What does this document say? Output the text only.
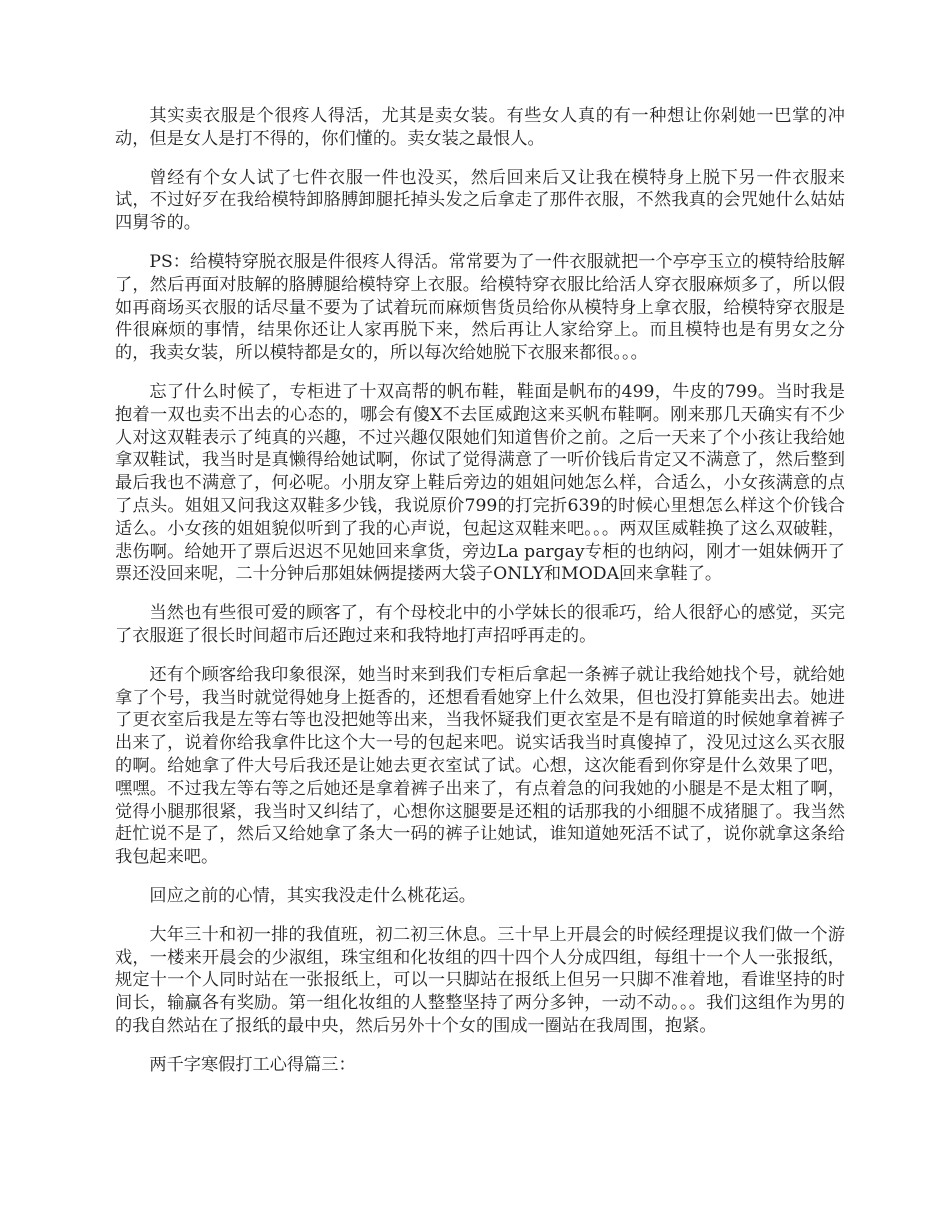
其实卖衣服是个很疼人得活，尤其是卖女装。有些女人真的有一种想让你剁她一巴掌的冲动，但是女人是打不得的，你们懂的。卖女装之最恨人。

曾经有个女人试了七件衣服一件也没买，然后回来后又让我在模特身上脱下另一件衣服来试，不过好歹在我给模特卸胳膊卸腿托掉头发之后拿走了那件衣服，不然我真的会咒她什么姑姑四舅爷的。

PS：给模特穿脱衣服是件很疼人得活。常常要为了一件衣服就把一个亭亭玉立的模特给肢解了，然后再面对肢解的胳膊腿给模特穿上衣服。给模特穿衣服比给活人穿衣服麻烦多了，所以假如再商场买衣服的话尽量不要为了试着玩而麻烦售货员给你从模特身上拿衣服，给模特穿衣服是件很麻烦的事情，结果你还让人家再脱下来，然后再让人家给穿上。而且模特也是有男女之分的，我卖女装，所以模特都是女的，所以每次给她脱下衣服来都很。。。

忘了什么时候了，专柜进了十双高帮的帆布鞋，鞋面是帆布的499，牛皮的799。当时我是抱着一双也卖不出去的心态的，哪会有傻X不去匡威跑这来买帆布鞋啊。刚来那几天确实有不少人对这双鞋表示了纯真的兴趣，不过兴趣仅限她们知道售价之前。之后一天来了个小孩让我给她拿双鞋试，我当时是真懒得给她试啊，你试了觉得满意了一听价钱后肯定又不满意了，然后整到最后我也不满意了，何必呢。小朋友穿上鞋后旁边的姐姐问她怎么样，合适么，小女孩满意的点了点头。姐姐又问我这双鞋多少钱，我说原价799的打完折639的时候心里想怎么样这个价钱合适么。小女孩的姐姐貌似听到了我的心声说，包起这双鞋来吧。。。两双匡威鞋换了这么双破鞋，悲伤啊。给她开了票后迟迟不见她回来拿货，旁边La pargay专柜的也纳闷，刚才一姐妹俩开了票还没回来呢，二十分钟后那姐妹俩提搂两大袋子ONLY和MODA回来拿鞋了。

当然也有些很可爱的顾客了，有个母校北中的小学妹长的很乖巧，给人很舒心的感觉，买完了衣服逛了很长时间超市后还跑过来和我特地打声招呼再走的。

还有个顾客给我印象很深，她当时来到我们专柜后拿起一条裤子就让我给她找个号，就给她拿了个号，我当时就觉得她身上挺香的，还想看看她穿上什么效果，但也没打算能卖出去。她进了更衣室后我是左等右等也没把她等出来，当我怀疑我们更衣室是不是有暗道的时候她拿着裤子出来了，说着你给我拿件比这个大一号的包起来吧。说实话我当时真傻掉了，没见过这么买衣服的啊。给她拿了件大号后我还是让她去更衣室试了试。心想，这次能看到你穿是什么效果了吧，嘿嘿。不过我左等右等之后她还是拿着裤子出来了，有点着急的问我她的小腿是不是太粗了啊，觉得小腿那很紧，我当时又纠结了，心想你这腿要是还粗的话那我的小细腿不成猪腿了。我当然赶忙说不是了，然后又给她拿了条大一码的裤子让她试，谁知道她死活不试了，说你就拿这条给我包起来吧。

回应之前的心情，其实我没走什么桃花运。

大年三十和初一排的我值班，初二初三休息。三十早上开晨会的时候经理提议我们做一个游戏，一楼来开晨会的少淑组，珠宝组和化妆组的四十四个人分成四组，每组十一个人一张报纸，规定十一个人同时站在一张报纸上，可以一只脚站在报纸上但另一只脚不准着地，看谁坚持的时间长，输赢各有奖励。第一组化妆组的人整整坚持了两分多钟，一动不动。。。我们这组作为男的的我自然站在了报纸的最中央，然后另外十个女的围成一圈站在我周围，抱紧。

两千字寒假打工心得篇三：
